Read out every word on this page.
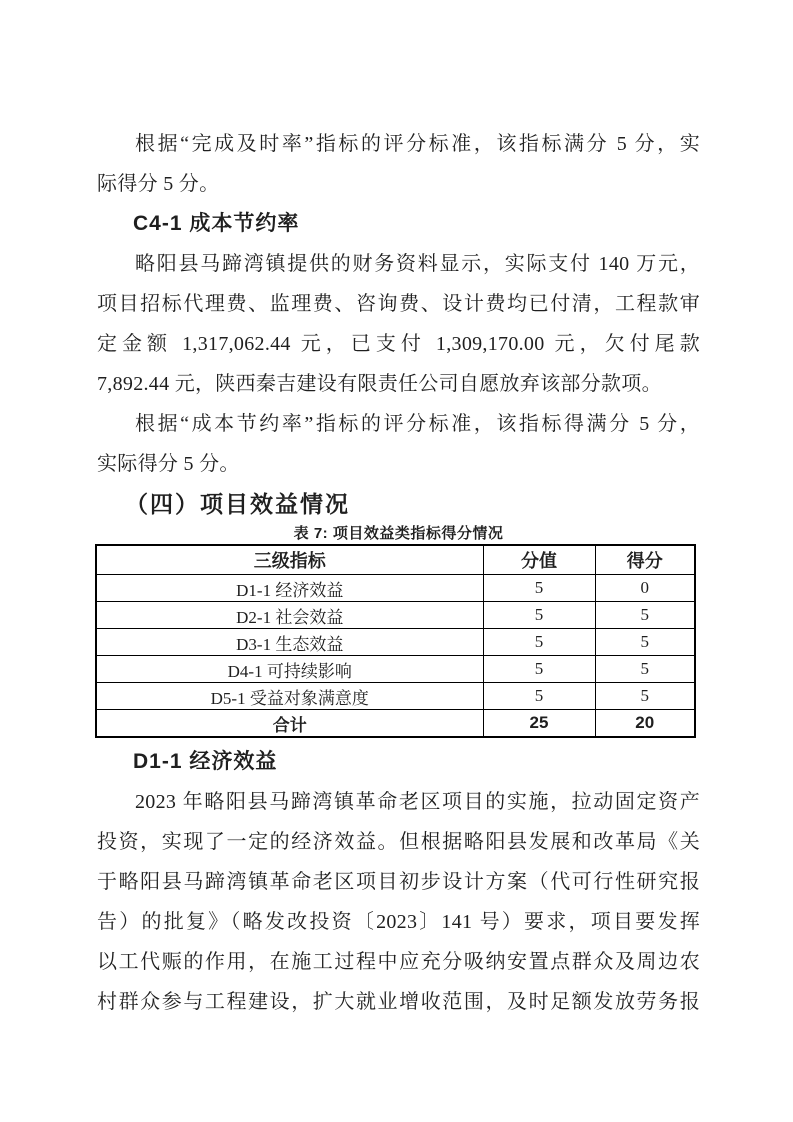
根据“完成及时率”指标的评分标准，该指标满分 5 分，实
际得分 5 分。
C4-1 成本节约率
略阳县马蹄湾镇提供的财务资料显示，实际支付 140 万元，
项目招标代理费、监理费、咨询费、设计费均已付清，工程款审
定金额 1,317,062.44 元，已支付 1,309,170.00 元，欠付尾款
7,892.44 元，陕西秦吉建设有限责任公司自愿放弃该部分款项。
根据“成本节约率”指标的评分标准，该指标得满分 5 分，
实际得分 5 分。
（四）项目效益情况
表 7: 项目效益类指标得分情况
三级指标	分值	得分
D1-1 经济效益	5	0
D2-1 社会效益	5	5
D3-1 生态效益	5	5
D4-1 可持续影响	5	5
D5-1 受益对象满意度	5	5
合计	25	20
D1-1 经济效益
2023 年略阳县马蹄湾镇革命老区项目的实施，拉动固定资产
投资，实现了一定的经济效益。但根据略阳县发展和改革局《关
于略阳县马蹄湾镇革命老区项目初步设计方案（代可行性研究报
告）的批复》（略发改投资〔2023〕141 号）要求，项目要发挥
以工代赈的作用，在施工过程中应充分吸纳安置点群众及周边农
村群众参与工程建设，扩大就业增收范围，及时足额发放劳务报
